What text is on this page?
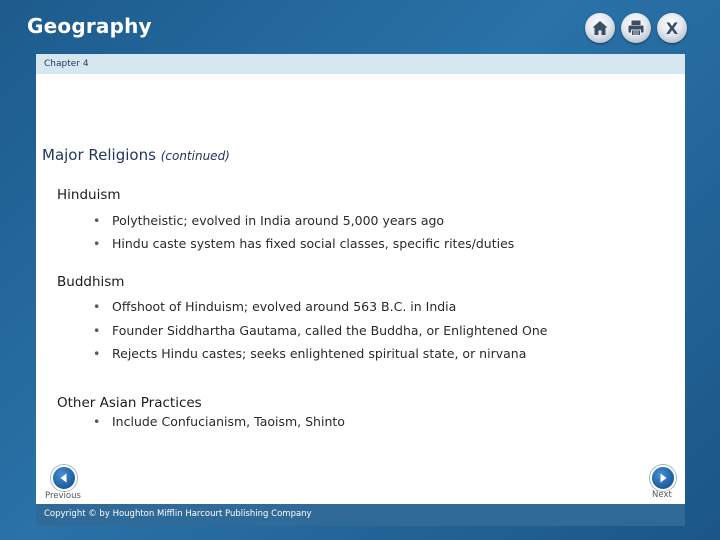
Geography	X
Chapter 4
Major Religions (continued)
Hinduism
• Polytheistic; evolved in India around 5,000 years ago
• Hindu caste system has fixed social classes, specific rites/duties
Buddhism
• Offshoot of Hinduism; evolved around 563 B.C. in India
• Founder Siddhartha Gautama, called the Buddha, or Enlightened One
• Rejects Hindu castes; seeks enlightened spiritual state, or nirvana
Other Asian Practices
• Include Confucianism, Taoism, Shinto
Previous	Next
Copyright © by Houghton Mifflin Harcourt Publishing Company
